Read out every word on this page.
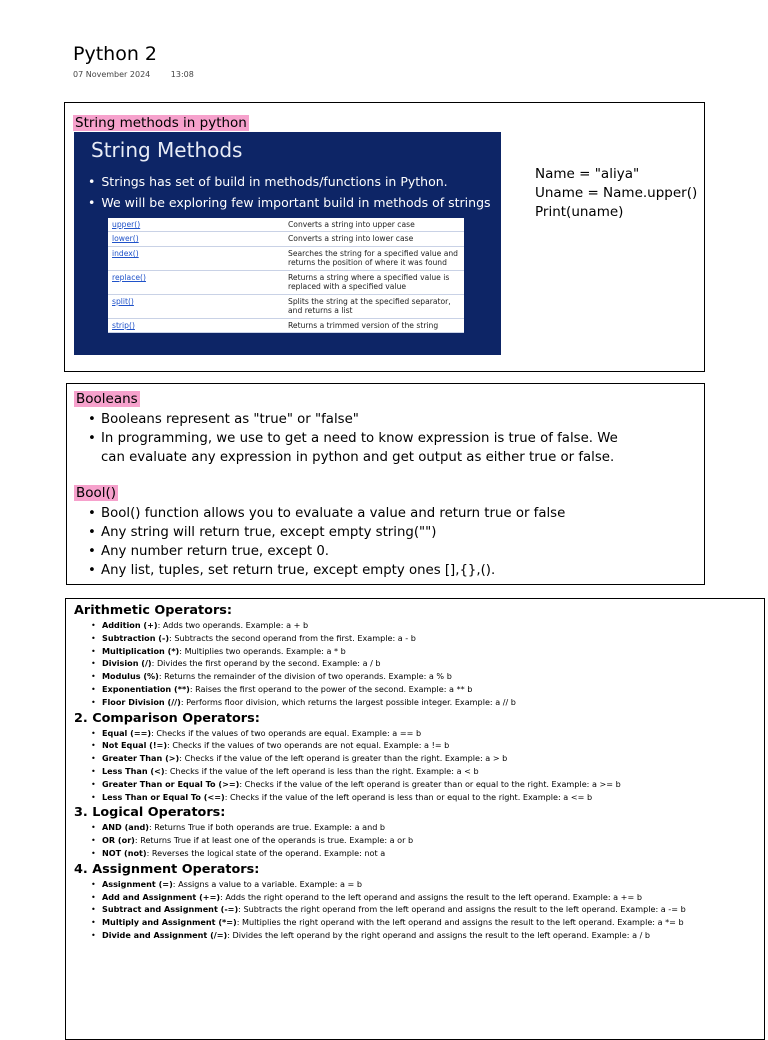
Python 2
07 November 2024	13:08
String methods in python
String Methods
• Strings has set of build in methods/functions in Python.
• We will be exploring few important build in methods of strings
upper()	Converts a string into upper case
lower()	Converts a string into lower case
index()	Searches the string for a specified value and returns the position of where it was found
replace()	Returns a string where a specified value is replaced with a specified value
split()	Splits the string at the specified separator, and returns a list
strip()	Returns a trimmed version of the string
Name = "aliya"
Uname = Name.upper()
Print(uname)
Booleans
• Booleans represent as "true" or "false"
• In programming, we use to get a need to know expression is true of false. We can evaluate any expression in python and get output as either true or false.
Bool()
• Bool() function allows you to evaluate a value and return true or false
• Any string will return true, except empty string("")
• Any number return true, except 0.
• Any list, tuples, set return true, except empty ones [],{},().
Arithmetic Operators:
• Addition (+): Adds two operands. Example: a + b
• Subtraction (-): Subtracts the second operand from the first. Example: a - b
• Multiplication (*): Multiplies two operands. Example: a * b
• Division (/): Divides the first operand by the second. Example: a / b
• Modulus (%): Returns the remainder of the division of two operands. Example: a % b
• Exponentiation (**): Raises the first operand to the power of the second. Example: a ** b
• Floor Division (//): Performs floor division, which returns the largest possible integer. Example: a // b
2. Comparison Operators:
• Equal (==): Checks if the values of two operands are equal. Example: a == b
• Not Equal (!=): Checks if the values of two operands are not equal. Example: a != b
• Greater Than (>): Checks if the value of the left operand is greater than the right. Example: a > b
• Less Than (<): Checks if the value of the left operand is less than the right. Example: a < b
• Greater Than or Equal To (>=): Checks if the value of the left operand is greater than or equal to the right. Example: a >= b
• Less Than or Equal To (<=): Checks if the value of the left operand is less than or equal to the right. Example: a <= b
3. Logical Operators:
• AND (and): Returns True if both operands are true. Example: a and b
• OR (or): Returns True if at least one of the operands is true. Example: a or b
• NOT (not): Reverses the logical state of the operand. Example: not a
4. Assignment Operators:
• Assignment (=): Assigns a value to a variable. Example: a = b
• Add and Assignment (+=): Adds the right operand to the left operand and assigns the result to the left operand. Example: a += b
• Subtract and Assignment (-=): Subtracts the right operand from the left operand and assigns the result to the left operand. Example: a -= b
• Multiply and Assignment (*=): Multiplies the right operand with the left operand and assigns the result to the left operand. Example: a *= b
• Divide and Assignment (/=): Divides the left operand by the right operand and assigns the result to the left operand. Example: a / b
